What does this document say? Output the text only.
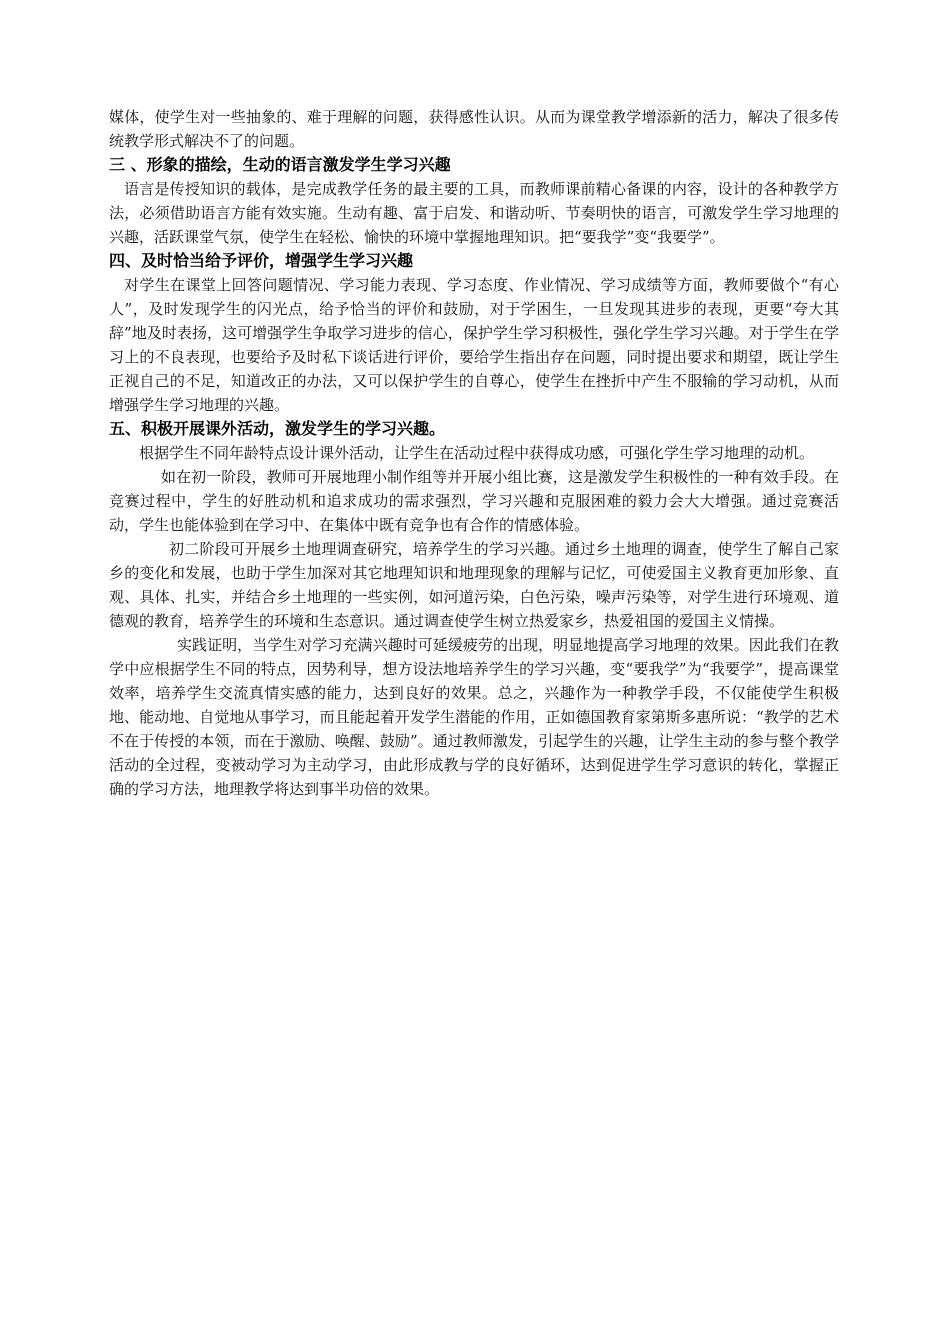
媒体，使学生对一些抽象的、难于理解的问题，获得感性认识。从而为课堂教学增添新的活力，解决了很多传统教学形式解决不了的问题。

三 、形象的描绘，生动的语言激发学生学习兴趣

语言是传授知识的载体，是完成教学任务的最主要的工具，而教师课前精心备课的内容，设计的各种教学方法，必须借助语言方能有效实施。生动有趣、富于启发、和谐动听、节奏明快的语言，可激发学生学习地理的兴趣，活跃课堂气氛，使学生在轻松、愉快的环境中掌握地理知识。把“要我学”变“我要学”。

四、及时恰当给予评价，增强学生学习兴趣

对学生在课堂上回答问题情况、学习能力表现、学习态度、作业情况、学习成绩等方面，教师要做个“有心人”，及时发现学生的闪光点，给予恰当的评价和鼓励，对于学困生，一旦发现其进步的表现，更要“夸大其辞”地及时表扬，这可增强学生争取学习进步的信心，保护学生学习积极性，强化学生学习兴趣。对于学生在学习上的不良表现，也要给予及时私下谈话进行评价，要给学生指出存在问题，同时提出要求和期望，既让学生正视自己的不足，知道改正的办法，又可以保护学生的自尊心，使学生在挫折中产生不服输的学习动机，从而增强学生学习地理的兴趣。

五、积极开展课外活动，激发学生的学习兴趣。

根据学生不同年龄特点设计课外活动，让学生在活动过程中获得成功感，可强化学生学习地理的动机。

如在初一阶段，教师可开展地理小制作组等并开展小组比赛，这是激发学生积极性的一种有效手段。在竞赛过程中，学生的好胜动机和追求成功的需求强烈，学习兴趣和克服困难的毅力会大大增强。通过竞赛活动，学生也能体验到在学习中、在集体中既有竞争也有合作的情感体验。

初二阶段可开展乡土地理调查研究，培养学生的学习兴趣。通过乡土地理的调查，使学生了解自己家乡的变化和发展，也助于学生加深对其它地理知识和地理现象的理解与记忆，可使爱国主义教育更加形象、直观、具体、扎实，并结合乡土地理的一些实例，如河道污染，白色污染，噪声污染等，对学生进行环境观、道德观的教育，培养学生的环境和生态意识。通过调查使学生树立热爱家乡，热爱祖国的爱国主义情操。

实践证明，当学生对学习充满兴趣时可延缓疲劳的出现，明显地提高学习地理的效果。因此我们在教学中应根据学生不同的特点，因势利导，想方设法地培养学生的学习兴趣，变“要我学”为“我要学”，提高课堂效率，培养学生交流真情实感的能力，达到良好的效果。总之，兴趣作为一种教学手段，不仅能使学生积极地、能动地、自觉地从事学习，而且能起着开发学生潜能的作用，正如德国教育家第斯多惠所说：“教学的艺术不在于传授的本领，而在于激励、唤醒、鼓励”。通过教师激发，引起学生的兴趣，让学生主动的参与整个教学活动的全过程，变被动学习为主动学习，由此形成教与学的良好循环，达到促进学生学习意识的转化，掌握正确的学习方法，地理教学将达到事半功倍的效果。
